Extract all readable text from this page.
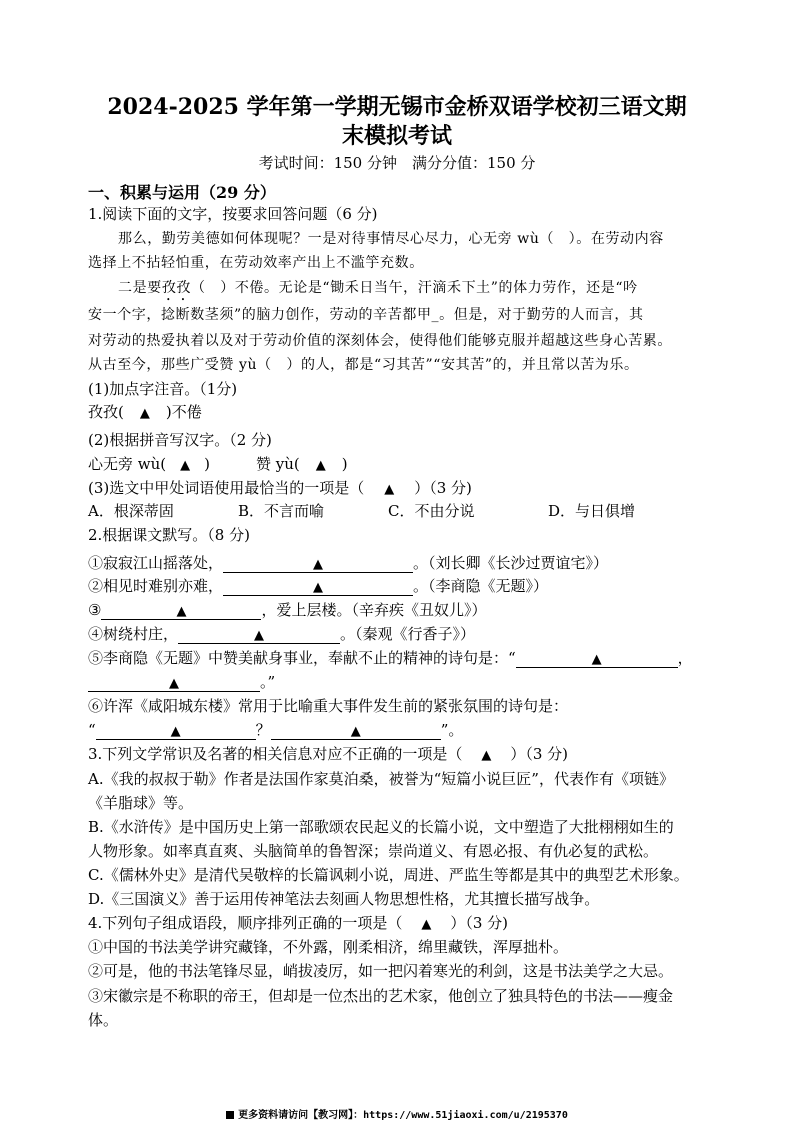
2024-2025 学年第一学期无锡市金桥双语学校初三语文期
末模拟考试
考试时间：150 分钟　满分分值：150 分
一、积累与运用（29 分）
1.阅读下面的文字，按要求回答问题（6 分)
那么，勤劳美德如何体现呢？一是对待事情尽心尽力，心无旁 wù（　）。在劳动内容
选择上不拈轻怕重，在劳动效率产出上不滥竽充数。
二是要孜孜（　）不倦。无论是“锄禾日当午，汗滴禾下土”的体力劳作，还是“吟
安一个字，捻断数茎须”的脑力创作，劳动的辛苦都甲_。但是，对于勤劳的人而言，其
对劳动的热爱执着以及对于劳动价值的深刻体会，使得他们能够克服并超越这些身心苦累。
从古至今，那些广受赞 yù（　）的人，都是“习其苦”“安其苦”的，并且常以苦为乐。
(1)加点字注音。（1分)
孜孜( ▲ )不倦
(2)根据拼音写汉字。（2 分)
心无旁 wù( ▲ )	赞 yù( ▲ )
(3)选文中甲处词语使用最恰当的一项是（ ▲ ）（3 分)
A．根深蒂固	B．不言而喻	C．不由分说	D．与日俱增
2.根据课文默写。（8 分)
①寂寂江山摇落处，	▲	。（刘长卿《长沙过贾谊宅》）
②相见时难别亦难，	▲	。（李商隐《无题》）
③	▲	，爱上层楼。（辛弃疾《丑奴儿》）
④树绕村庄，	▲	。（秦观《行香子》）
⑤李商隐《无题》中赞美献身事业，奉献不止的精神的诗句是：“	▲	，
▲	。”
⑥许浑《咸阳城东楼》常用于比喻重大事件发生前的紧张氛围的诗句是：
“	▲	？	▲	”。
3.下列文学常识及名著的相关信息对应不正确的一项是（ ▲ ）（3 分)
A.《我的叔叔于勒》作者是法国作家莫泊桑，被誉为“短篇小说巨匠”，代表作有《项链》
《羊脂球》等。
B.《水浒传》是中国历史上第一部歌颂农民起义的长篇小说，文中塑造了大批栩栩如生的
人物形象。如率真直爽、头脑简单的鲁智深；崇尚道义、有恩必报、有仇必复的武松。
C.《儒林外史》是清代吴敬梓的长篇讽刺小说，周进、严监生等都是其中的典型艺术形象。
D.《三国演义》善于运用传神笔法去刻画人物思想性格，尤其擅长描写战争。
4.下列句子组成语段，顺序排列正确的一项是（ ▲ ）（3 分)
①中国的书法美学讲究藏锋，不外露，刚柔相济，绵里藏铁，浑厚拙朴。
②可是，他的书法笔锋尽显，峭拔凌厉，如一把闪着寒光的利剑，这是书法美学之大忌。
③宋徽宗是不称职的帝王，但却是一位杰出的艺术家，他创立了独具特色的书法——瘦金
体。
更多资料请访问【教习网】：https://www.51jiaoxi.com/u/2195370
